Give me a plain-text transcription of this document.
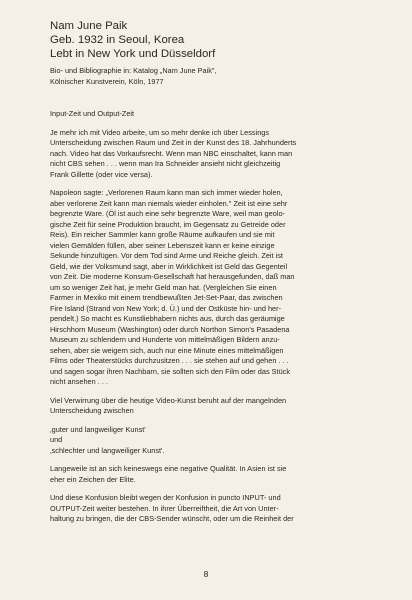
Nam June Paik
Geb. 1932 in Seoul, Korea
Lebt in New York und Düsseldorf
Bio- und Bibliographie in: Katalog „Nam June Paik",
Kölnischer Kunstverein, Köln, 1977
Input-Zeit und Output-Zeit
Je mehr ich mit Video arbeite, um so mehr denke ich über Lessings
Unterscheidung zwischen Raum und Zeit in der Kunst des 18. Jahrhunderts
nach. Video hat das Vorkaufsrecht. Wenn man NBC einschaltet, kann man
nicht CBS sehen . . . wenn man Ira Schneider ansieht nicht gleichzeitig
Frank Gillette (oder vice versa).
Napoleon sagte: „Verlorenen Raum kann man sich immer wieder holen,
aber verlorene Zeit kann man niemals wieder einholen." Zeit ist eine sehr
begrenzte Ware. (Öl ist auch eine sehr begrenzte Ware, weil man geolo-
gische Zeit für seine Produktion braucht, im Gegensatz zu Getreide oder
Reis). Ein reicher Sammler kann große Räume aufkaufen und sie mit
vielen Gemälden füllen, aber seiner Lebenszeit kann er keine einzige
Sekunde hinzufügen. Vor dem Tod sind Arme und Reiche gleich. Zeit ist
Geld, wie der Volksmund sagt, aber in Wirklichkeit ist Geld das Gegenteil
von Zeit. Die moderne Konsum-Gesellschaft hat herausgefunden, daß man
um so weniger Zeit hat, je mehr Geld man hat. (Vergleichen Sie einen
Farmer in Mexiko mit einem trendbewußten Jet-Set-Paar, das zwischen
Fire Island (Strand von New York; d. Ü.) und der Ostküste hin- und her-
pendelt.) So macht es Kunstliebhabern nichts aus, durch das geräumige
Hirschhorn Museum (Washington) oder durch Northon Simon's Pasadena
Museum zu schlendern und Hunderte von mittelmäßigen Bildern anzu-
sehen, aber sie weigern sich, auch nur eine Minute eines mittelmäßigen
Films oder Theaterstücks durchzusitzen . . . sie stehen auf und gehen . . .
und sagen sogar ihren Nachbarn, sie sollten sich den Film oder das Stück
nicht ansehen . . .
Viel Verwirrung über die heutige Video-Kunst beruht auf der mangelnden
Unterscheidung zwischen
‚guter und langweiliger Kunst'
und
‚schlechter und langweiliger Kunst'.
Langeweile ist an sich keineswegs eine negative Qualität. In Asien ist sie
eher ein Zeichen der Elite.
Und diese Konfusion bleibt wegen der Konfusion in puncto INPUT- und
OUTPUT-Zeit weiter bestehen. In ihrer Überreiftheit, die Art von Unter-
haltung zu bringen, die der CBS-Sender wünscht, oder um die Reinheit der
8
